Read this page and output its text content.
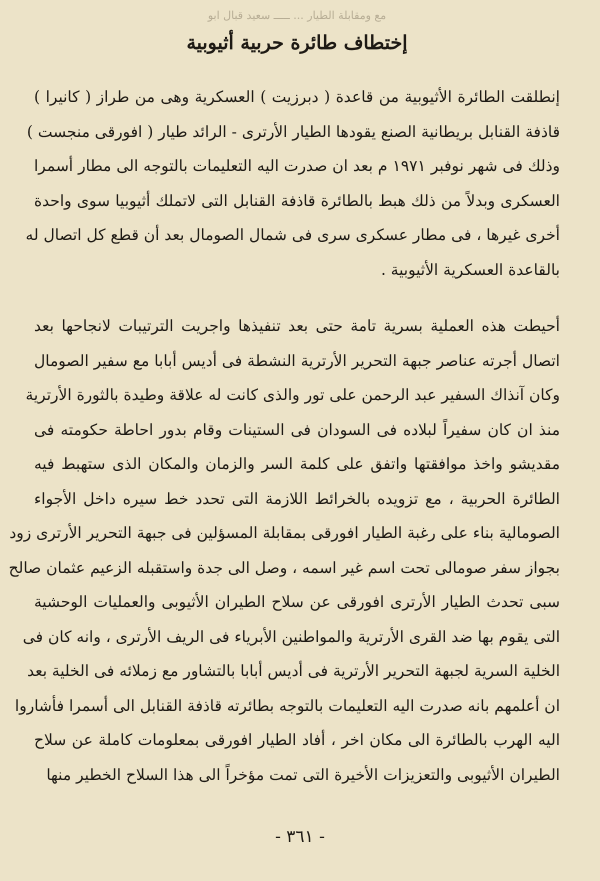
مع ومقابلة الطيار ... ـــــ سعيد قبال ابو
إختطاف طائرة حربية أثيوبية

إنطلقت الطائرة الأثيوبية من قاعدة ( دبرزيت ) العسكرية وهى من طراز ( كانيرا )
قاذفة القنابل بريطانية الصنع يقودها الطيار الأرترى - الرائد طيار ( افورقى منجست )
وذلك فى شهر نوفبر ١٩٧١ م بعد ان صدرت اليه التعليمات بالتوجه الى مطار أسمرا
العسكرى وبدلاً من ذلك هبط بالطائرة قاذفة القنابل التى لاتملك أثيوبيا سوى واحدة
أخرى غيرها ، فى مطار عسكرى سرى فى شمال الصومال بعد أن قطع كل اتصال له
بالقاعدة العسكرية الأثيوبية .

أحيطت هذه العملية بسرية تامة حتى بعد تنفيذها واجريت الترتيبات لانجاحها بعد
اتصال أجرته عناصر جبهة التحرير الأرترية النشطة فى أديس أبابا مع سفير الصومال
وكان آنذاك السفير عبد الرحمن على تور والذى كانت له علاقة وطيدة بالثورة الأرترية
منذ ان كان سفيراً لبلاده فى السودان فى الستينات وقام بدور احاطة حكومته فى
مقديشو واخذ موافقتها واتفق على كلمة السر والزمان والمكان الذى ستهبط فيه
الطائرة الحربية ، مع تزويده بالخرائط اللازمة التى تحدد خط سيره داخل الأجواء
الصومالية بناء على رغبة الطيار افورقى بمقابلة المسؤلين فى جبهة التحرير الأرترى زود
بجواز سفر صومالى تحت اسم غير اسمه ، وصل الى جدة واستقبله الزعيم عثمان صالح
سبى تحدث الطيار الأرترى افورقى عن سلاح الطيران الأثيوبى والعمليات الوحشية
التى يقوم بها ضد القرى الأرترية والمواطنين الأبرياء فى الريف الأرترى ، وانه كان فى
الخلية السرية لجبهة التحرير الأرترية فى أديس أبابا بالتشاور مع زملائه فى الخلية بعد
ان أعلمهم بانه صدرت اليه التعليمات بالتوجه بطائرته قاذفة القنابل الى أسمرا فأشاروا
اليه الهرب بالطائرة الى مكان اخر ، أفاد الطيار افورقى بمعلومات كاملة عن سلاح
الطيران الأثيوبى والتعزيزات الأخيرة التى تمت مؤخراً الى هذا السلاح الخطير منها

- ٣٦١ -
